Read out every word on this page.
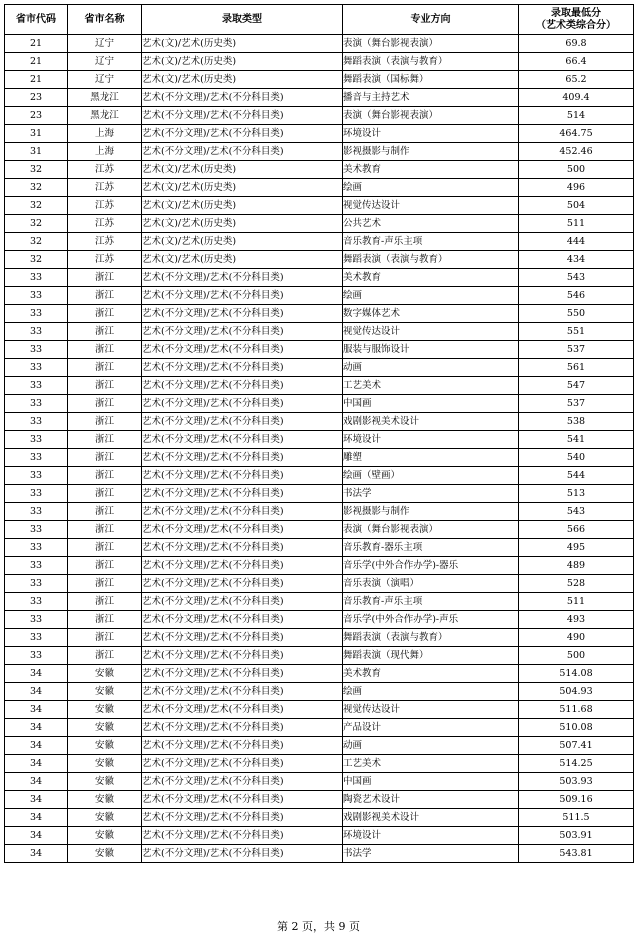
省市代码	省市名称	录取类型	专业方向	录取最低分
（艺术类综合分）

21	辽宁	艺术(文)/艺术(历史类)	表演（舞台影视表演）	69.8
21	辽宁	艺术(文)/艺术(历史类)	舞蹈表演（表演与教育）	66.4
21	辽宁	艺术(文)/艺术(历史类)	舞蹈表演（国标舞）	65.2
23	黑龙江	艺术(不分文理)/艺术(不分科目类)	播音与主持艺术	409.4
23	黑龙江	艺术(不分文理)/艺术(不分科目类)	表演（舞台影视表演）	514
31	上海	艺术(不分文理)/艺术(不分科目类)	环境设计	464.75
31	上海	艺术(不分文理)/艺术(不分科目类)	影视摄影与制作	452.46
32	江苏	艺术(文)/艺术(历史类)	美术教育	500
32	江苏	艺术(文)/艺术(历史类)	绘画	496
32	江苏	艺术(文)/艺术(历史类)	视觉传达设计	504
32	江苏	艺术(文)/艺术(历史类)	公共艺术	511
32	江苏	艺术(文)/艺术(历史类)	音乐教育-声乐主项	444
32	江苏	艺术(文)/艺术(历史类)	舞蹈表演（表演与教育）	434
33	浙江	艺术(不分文理)/艺术(不分科目类)	美术教育	543
33	浙江	艺术(不分文理)/艺术(不分科目类)	绘画	546
33	浙江	艺术(不分文理)/艺术(不分科目类)	数字媒体艺术	550
33	浙江	艺术(不分文理)/艺术(不分科目类)	视觉传达设计	551
33	浙江	艺术(不分文理)/艺术(不分科目类)	服装与服饰设计	537
33	浙江	艺术(不分文理)/艺术(不分科目类)	动画	561
33	浙江	艺术(不分文理)/艺术(不分科目类)	工艺美术	547
33	浙江	艺术(不分文理)/艺术(不分科目类)	中国画	537
33	浙江	艺术(不分文理)/艺术(不分科目类)	戏剧影视美术设计	538
33	浙江	艺术(不分文理)/艺术(不分科目类)	环境设计	541
33	浙江	艺术(不分文理)/艺术(不分科目类)	雕塑	540
33	浙江	艺术(不分文理)/艺术(不分科目类)	绘画（壁画）	544
33	浙江	艺术(不分文理)/艺术(不分科目类)	书法学	513
33	浙江	艺术(不分文理)/艺术(不分科目类)	影视摄影与制作	543
33	浙江	艺术(不分文理)/艺术(不分科目类)	表演（舞台影视表演）	566
33	浙江	艺术(不分文理)/艺术(不分科目类)	音乐教育-器乐主项	495
33	浙江	艺术(不分文理)/艺术(不分科目类)	音乐学(中外合作办学)-器乐	489
33	浙江	艺术(不分文理)/艺术(不分科目类)	音乐表演（演唱）	528
33	浙江	艺术(不分文理)/艺术(不分科目类)	音乐教育-声乐主项	511
33	浙江	艺术(不分文理)/艺术(不分科目类)	音乐学(中外合作办学)-声乐	493
33	浙江	艺术(不分文理)/艺术(不分科目类)	舞蹈表演（表演与教育）	490
33	浙江	艺术(不分文理)/艺术(不分科目类)	舞蹈表演（现代舞）	500
34	安徽	艺术(不分文理)/艺术(不分科目类)	美术教育	514.08
34	安徽	艺术(不分文理)/艺术(不分科目类)	绘画	504.93
34	安徽	艺术(不分文理)/艺术(不分科目类)	视觉传达设计	511.68
34	安徽	艺术(不分文理)/艺术(不分科目类)	产品设计	510.08
34	安徽	艺术(不分文理)/艺术(不分科目类)	动画	507.41
34	安徽	艺术(不分文理)/艺术(不分科目类)	工艺美术	514.25
34	安徽	艺术(不分文理)/艺术(不分科目类)	中国画	503.93
34	安徽	艺术(不分文理)/艺术(不分科目类)	陶瓷艺术设计	509.16
34	安徽	艺术(不分文理)/艺术(不分科目类)	戏剧影视美术设计	511.5
34	安徽	艺术(不分文理)/艺术(不分科目类)	环境设计	503.91
34	安徽	艺术(不分文理)/艺术(不分科目类)	书法学	543.81
第 2 页，共 9 页
